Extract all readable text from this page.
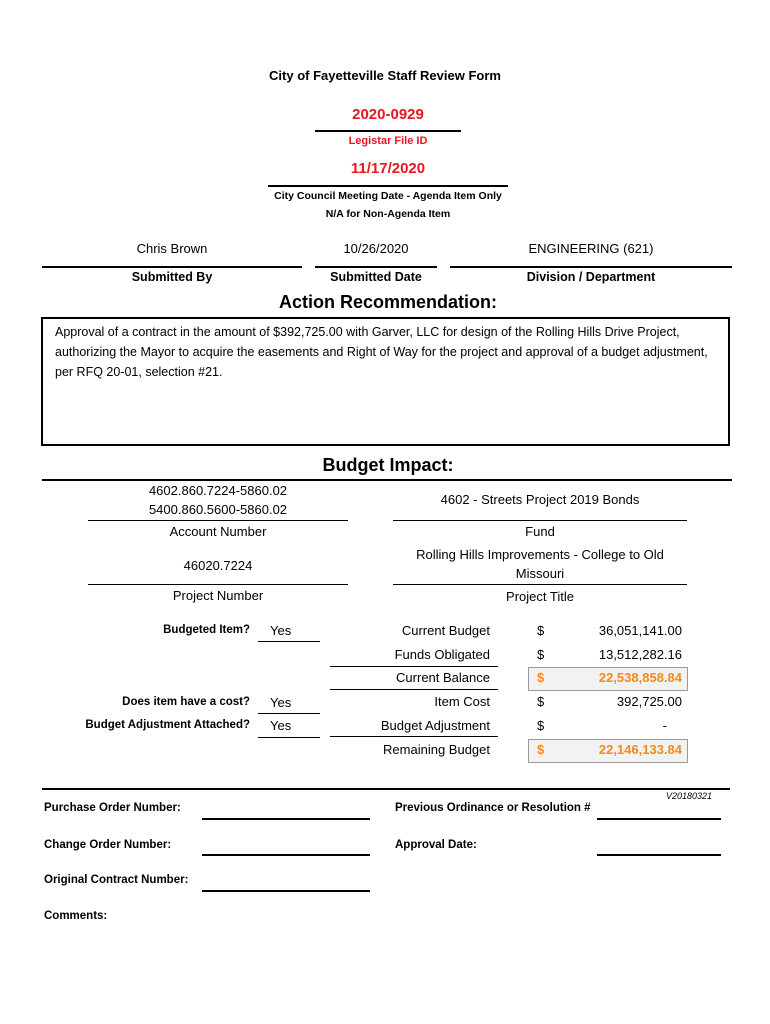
City of Fayetteville Staff Review Form
2020-0929
Legistar File ID
11/17/2020
City Council Meeting Date - Agenda Item Only
N/A for Non-Agenda Item
Chris Brown
Submitted By
10/26/2020
Submitted Date
ENGINEERING (621)
Division / Department
Action Recommendation:
Approval of a contract in the amount of $392,725.00 with Garver, LLC for design of the Rolling Hills Drive Project, authorizing the Mayor to acquire the easements and Right of Way for the project and approval of a budget adjustment, per RFQ 20-01, selection #21.
Budget Impact:
4602.860.7224-5860.02
5400.860.5600-5860.02
Account Number
4602 - Streets Project 2019 Bonds
Fund
46020.7224
Project Number
Rolling Hills Improvements - College to Old
Missouri
Project Title
Budgeted Item?	Yes
Does item have a cost?	Yes
Budget Adjustment Attached?	Yes
Current Budget	$	36,051,141.00
Funds Obligated	$	13,512,282.16
Current Balance	$	22,538,858.84
Item Cost	$	392,725.00
Budget Adjustment	$	-
Remaining Budget	$	22,146,133.84
V20180321
Purchase Order Number:	Previous Ordinance or Resolution #
Change Order Number:	Approval Date:
Original Contract Number:
Comments:
